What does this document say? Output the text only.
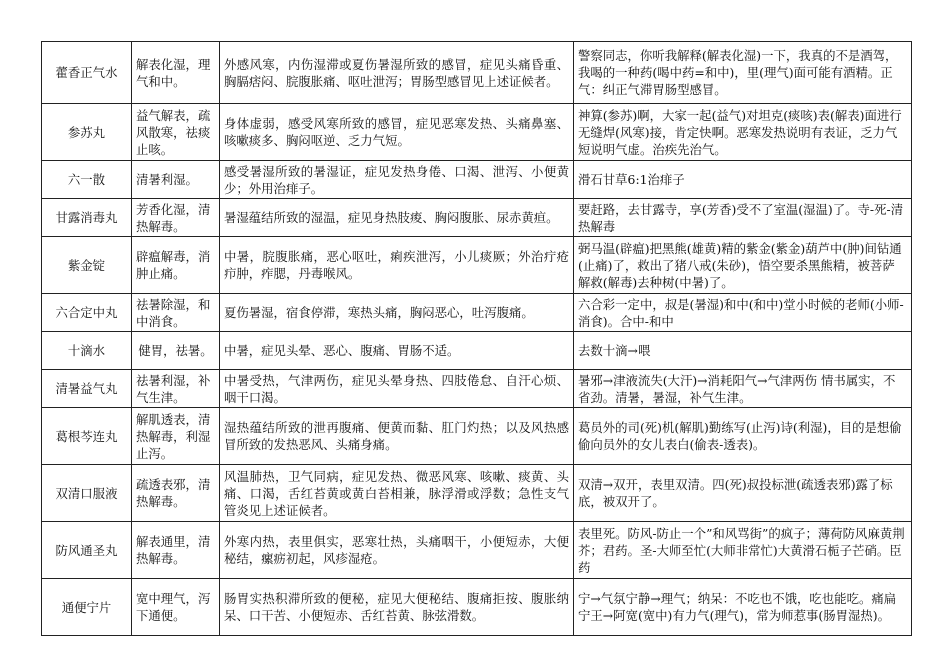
藿香正气水	解表化湿，理气和中。	外感风寒，内伤湿滞或夏伤暑湿所致的感冒，症见头痛昏重、胸膈痞闷、脘腹胀痛、呕吐泄泻；胃肠型感冒见上述证候者。	警察同志，你听我解释(解表化湿)一下，我真的不是酒驾，我喝的一种药(喝中药=和中)，里(理气)面可能有酒精。正气：纠正气滞胃肠型感冒。
参苏丸	益气解表，疏风散寒，祛痰止咳。	身体虚弱，感受风寒所致的感冒，症见恶寒发热、头痛鼻塞、咳嗽痰多、胸闷呕逆、乏力气短。	神算(参苏)啊，大家一起(益气)对坦克(痰咳)表(解表)面进行无缝焊(风寒)接，肯定快啊。恶寒发热说明有表证，乏力气短说明气虚。治疾先治气。
六一散	清暑利湿。	感受暑湿所致的暑湿证，症见发热身倦、口渴、泄泻、小便黄少；外用治痱子。	滑石甘草6:1治痱子
甘露消毒丸	芳香化湿，清热解毒。	暑湿蕴结所致的湿温，症见身热肢痠、胸闷腹胀、尿赤黄疸。	要赶路，去甘露寺，享(芳香)受不了室温(湿温)了。寺-死-清热解毒
紫金锭	辟瘟解毒，消肿止痛。	中暑，脘腹胀痛，恶心呕吐，痢疾泄泻，小儿痰厥；外治疔疮疖肿，痄腮，丹毒喉风。	弼马温(辟瘟)把黑熊(雄黄)精的紫金(紫金)葫芦中(肿)间钻通(止痛)了，救出了猪八戒(朱砂)，悟空要杀黑熊精，被菩萨解救(解毒)去种树(中暑)了。
六合定中丸	祛暑除湿，和中消食。	夏伤暑湿，宿食停滞，寒热头痛，胸闷恶心，吐泻腹痛。	六合彩一定中，叔是(暑湿)和中(和中)堂小时候的老师(小师-消食)。合中-和中
十滴水	健胃，祛暑。	中暑，症见头晕、恶心、腹痛、胃肠不适。	去数十滴→喂
清暑益气丸	祛暑利湿，补气生津。	中暑受热，气津两伤，症见头晕身热、四肢倦怠、自汗心烦、咽干口渴。	暑邪→津液流失(大汗)→消耗阳气→气津两伤 情书属实，不省劲。清暑，暑湿，补气生津。
葛根芩连丸	解肌透表，清热解毒，利湿止泻。	湿热蕴结所致的泄再腹痛、便黄而黏、肛门灼热；以及风热感冒所致的发热恶风、头痛身痛。	葛员外的司(死)机(解肌)勤练写(止泻)诗(利湿)，目的是想偷偷向员外的女儿表白(偷表-透表)。
双清口服液	疏透表邪，清热解毒。	风温肺热，卫气同病，症见发热、微恶风寒、咳嗽、痰黄、头痛、口渴，舌红苔黄或黄白苔相兼，脉浮滑或浮数；急性支气管炎见上述证候者。	双清→双开，表里双清。四(死)叔投标泄(疏透表邪)露了标底，被双开了。
防风通圣丸	解表通里，清热解毒。	外寒内热，表里俱实，恶寒壮热，头痛咽干，小便短赤，大便秘结，瘰疬初起，风疹湿疮。	表里死。防风-防止一个”和风骂街”的疯子；薄荷防风麻黄荆芥；君药。圣-大师至忙(大师非常忙)大黄滑石栀子芒硝。臣药
通便宁片	宽中理气，泻下通便。	肠胃实热积滞所致的便秘，症见大便秘结、腹痛拒按、腹胀纳呆、口干苦、小便短赤、舌红苔黄、脉弦滑数。	宁→气氛宁静→理气；纳呆：不吃也不饿，吃也能吃。痛扁宁王→阿宽(宽中)有力气(理气)，常为师惹事(肠胃湿热)。
